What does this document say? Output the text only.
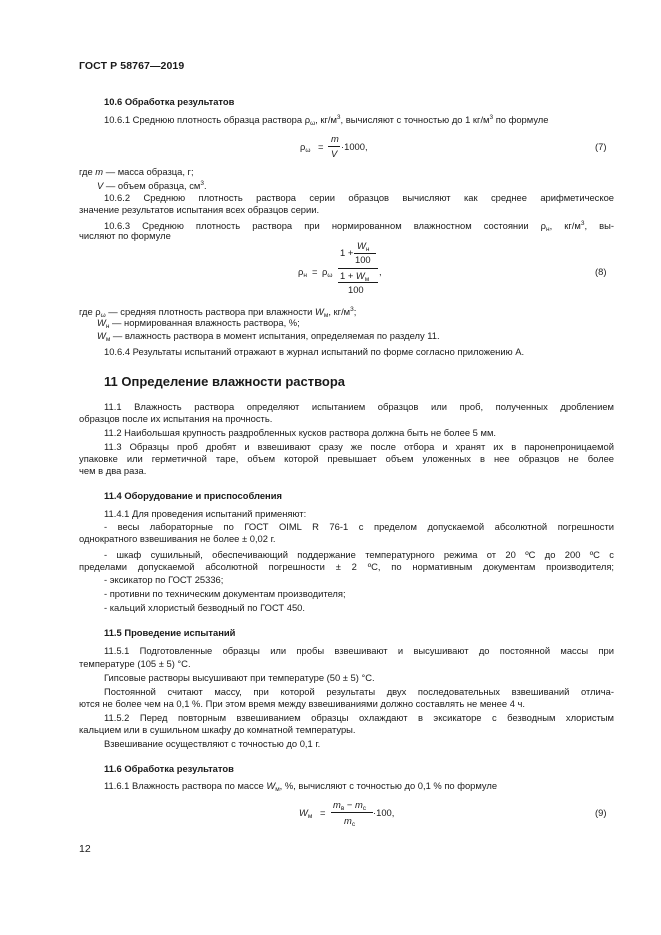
ГОСТ Р 58767—2019
10.6 Обработка результатов
10.6.1 Среднюю плотность образца раствора $\rho_\omega$, $кг/м^3$, вычисляют с точностью до 1 $кг/м^3$ по формуле
$\rho_\omega$ =
m
V
·1000,	(7)
где m — масса образца, г;
V — объем образца, $см^3$.
10.6.2 Среднюю плотность раствора серии образцов вычисляют как среднее арифметическое
значение результатов испытания всех образцов серии.
10.6.3 Среднюю плотность раствора при нормированном влажностном состоянии $\rho_н$, $кг/м^3$, вы-
числяют по формуле
$\rho_н = \rho_\omega$
1 +
$W_н$
100
$1 + W_м$
100
,	(8)
где $\rho_\omega$ — средняя плотность раствора при влажности $W_м$, $кг/м^3$;
$W_н$ — нормированная влажность раствора, %;
$W_м$ — влажность раствора в момент испытания, определяемая по разделу 11.
10.6.4 Результаты испытаний отражают в журнал испытаний по форме согласно приложению А.
11 Определение влажности раствора
11.1 Влажность раствора определяют испытанием образцов или проб, полученных дроблением
образцов после их испытания на прочность.
11.2 Наибольшая крупность раздробленных кусков раствора должна быть не более 5 мм.
11.3 Образцы проб дробят и взвешивают сразу же после отбора и хранят их в паронепроницаемой
упаковке или герметичной таре, объем которой превышает объем уложенных в нее образцов не более
чем в два раза.
11.4 Оборудование и приспособления
11.4.1 Для проведения испытаний применяют:
- весы лабораторные по ГОСТ OIML R 76-1 с пределом допускаемой абсолютной погрешности
однократного взвешивания не более ± 0,02 г.
- шкаф сушильный, обеспечивающий поддержание температурного режима от 20 ºС до 200 ºС с
пределами допускаемой абсолютной погрешности ± 2 ºС, по нормативным документам производителя;
- эксикатор по ГОСТ 25336;
- противни по техническим документам производителя;
- кальций хлористый безводный по ГОСТ 450.
11.5 Проведение испытаний
11.5.1 Подготовленные образцы или пробы взвешивают и высушивают до постоянной массы при
температуре (105 ± 5) °С.
Гипсовые растворы высушивают при температуре (50 ± 5) °С.
Постоянной считают массу, при которой результаты двух последовательных взвешиваний отлича-
ются не более чем на 0,1 %. При этом время между взвешиваниями должно составлять не менее 4 ч.
11.5.2 Перед повторным взвешиванием образцы охлаждают в эксикаторе с безводным хлористым
кальцием или в сушильном шкафу до комнатной температуры.
Взвешивание осуществляют с точностью до 0,1 г.
11.6 Обработка результатов
11.6.1 Влажность раствора по массе $W_м$, %, вычисляют с точностью до 0,1 % по формуле
$W_м$ =
$m_в - m_с$
$m_с$
·100,	(9)
12
